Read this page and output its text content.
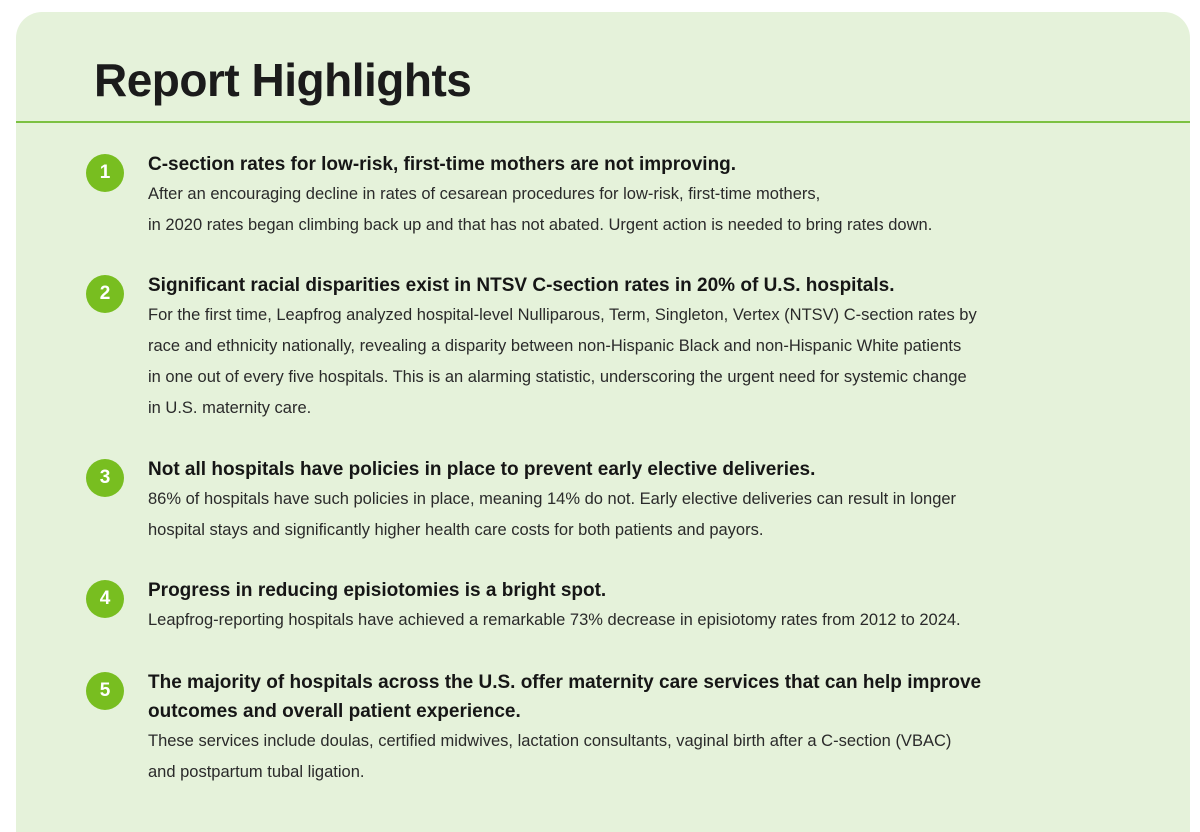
Report Highlights
1	C-section rates for low-risk, first-time mothers are not improving.

After an encouraging decline in rates of cesarean procedures for low-risk, first-time mothers,
in 2020 rates began climbing back up and that has not abated. Urgent action is needed to bring rates down.

2	Significant racial disparities exist in NTSV C-section rates in 20% of U.S. hospitals.

For the first time, Leapfrog analyzed hospital-level Nulliparous, Term, Singleton, Vertex (NTSV) C-section rates by
race and ethnicity nationally, revealing a disparity between non-Hispanic Black and non-Hispanic White patients
in one out of every five hospitals. This is an alarming statistic, underscoring the urgent need for systemic change
in U.S. maternity care.

3	Not all hospitals have policies in place to prevent early elective deliveries.

86% of hospitals have such policies in place, meaning 14% do not. Early elective deliveries can result in longer
hospital stays and significantly higher health care costs for both patients and payors.

4	Progress in reducing episiotomies is a bright spot.

Leapfrog-reporting hospitals have achieved a remarkable 73% decrease in episiotomy rates from 2012 to 2024.

5	The majority of hospitals across the U.S. offer maternity care services that can help improve
outcomes and overall patient experience.

These services include doulas, certified midwives, lactation consultants, vaginal birth after a C-section (VBAC)
and postpartum tubal ligation.
